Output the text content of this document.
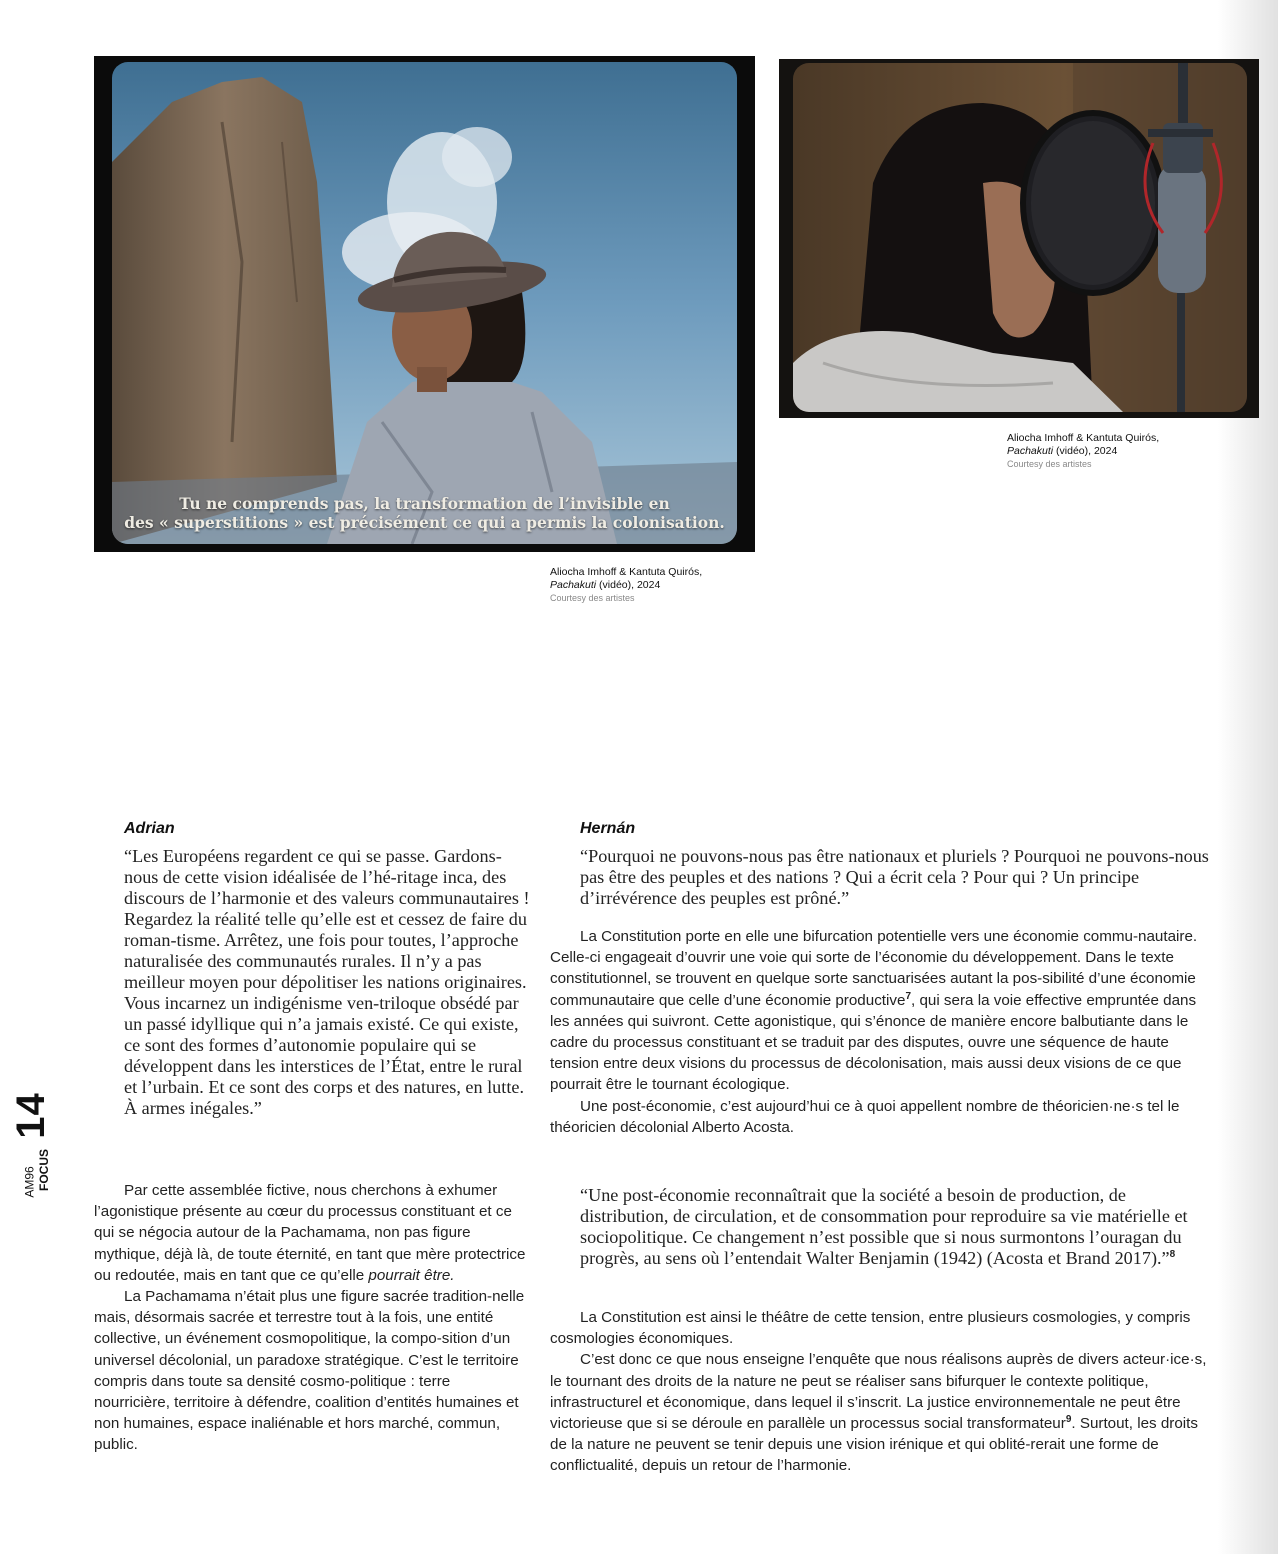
Tu ne comprends pas, la transformation de l’invisible en
des « superstitions » est précisément ce qui a permis la colonisation.
Aliocha Imhoff & Kantuta Quirós,
Pachakuti (vidéo), 2024
Courtesy des artistes
Aliocha Imhoff & Kantuta Quirós,
Pachakuti (vidéo), 2024
Courtesy des artistes
14
AM96 FOCUS
Adrian

“Les Européens regardent ce qui se passe. Gardons-nous de cette vision idéalisée de l’hé-ritage inca, des discours de l’harmonie et des valeurs communautaires ! Regardez la réalité telle qu’elle est et cessez de faire du roman-tisme. Arrêtez, une fois pour toutes, l’approche naturalisée des communautés rurales. Il n’y a pas meilleur moyen pour dépolitiser les nations originaires. Vous incarnez un indigénisme ven-triloque obsédé par un passé idyllique qui n’a jamais existé. Ce qui existe, ce sont des formes d’autonomie populaire qui se développent dans les interstices de l’État, entre le rural et l’urbain. Et ce sont des corps et des natures, en lutte. À armes inégales.”

Par cette assemblée fictive, nous cherchons à exhumer l’agonistique présente au cœur du processus constituant et ce qui se négocia autour de la Pachamama, non pas figure mythique, déjà là, de toute éternité, en tant que mère protectrice ou redoutée, mais en tant que ce qu’elle pourrait être.

La Pachamama n’était plus une figure sacrée tradition-nelle mais, désormais sacrée et terrestre tout à la fois, une entité collective, un événement cosmopolitique, la compo-sition d’un universel décolonial, un paradoxe stratégique. C’est le territoire compris dans toute sa densité cosmo-politique : terre nourricière, territoire à défendre, coalition d’entités humaines et non humaines, espace inaliénable et hors marché, commun, public.

Hernán

“Pourquoi ne pouvons-nous pas être nationaux et pluriels ? Pourquoi ne pouvons-nous pas être des peuples et des nations ? Qui a écrit cela ? Pour qui ? Un principe d’irrévérence des peuples est prôné.”

La Constitution porte en elle une bifurcation potentielle vers une économie commu-nautaire. Celle-ci engageait d’ouvrir une voie qui sorte de l’économie du développement. Dans le texte constitutionnel, se trouvent en quelque sorte sanctuarisées autant la pos-sibilité d’une économie communautaire que celle d’une économie productive$^7$, qui sera la voie effective empruntée dans les années qui suivront. Cette agonistique, qui s’énonce de manière encore balbutiante dans le cadre du processus constituant et se traduit par des disputes, ouvre une séquence de haute tension entre deux visions du processus de décolonisation, mais aussi deux visions de ce que pourrait être le tournant écologique.

Une post-économie, c’est aujourd’hui ce à quoi appellent nombre de théoricien·ne·s tel le théoricien décolonial Alberto Acosta.

“Une post-économie reconnaîtrait que la société a besoin de production, de distribution, de circulation, et de consommation pour reproduire sa vie matérielle et sociopolitique. Ce changement n’est possible que si nous surmontons l’ouragan du progrès, au sens où l’entendait Walter Benjamin (1942) (Acosta et Brand 2017).”$^8$

La Constitution est ainsi le théâtre de cette tension, entre plusieurs cosmologies, y compris cosmologies économiques.

C’est donc ce que nous enseigne l’enquête que nous réalisons auprès de divers acteur·ice·s, le tournant des droits de la nature ne peut se réaliser sans bifurquer le contexte politique, infrastructurel et économique, dans lequel il s’inscrit. La justice environnementale ne peut être victorieuse que si se déroule en parallèle un processus social transformateur$^9$. Surtout, les droits de la nature ne peuvent se tenir depuis une vision irénique et qui oblité-rerait une forme de conflictualité, depuis un retour de l’harmonie.
